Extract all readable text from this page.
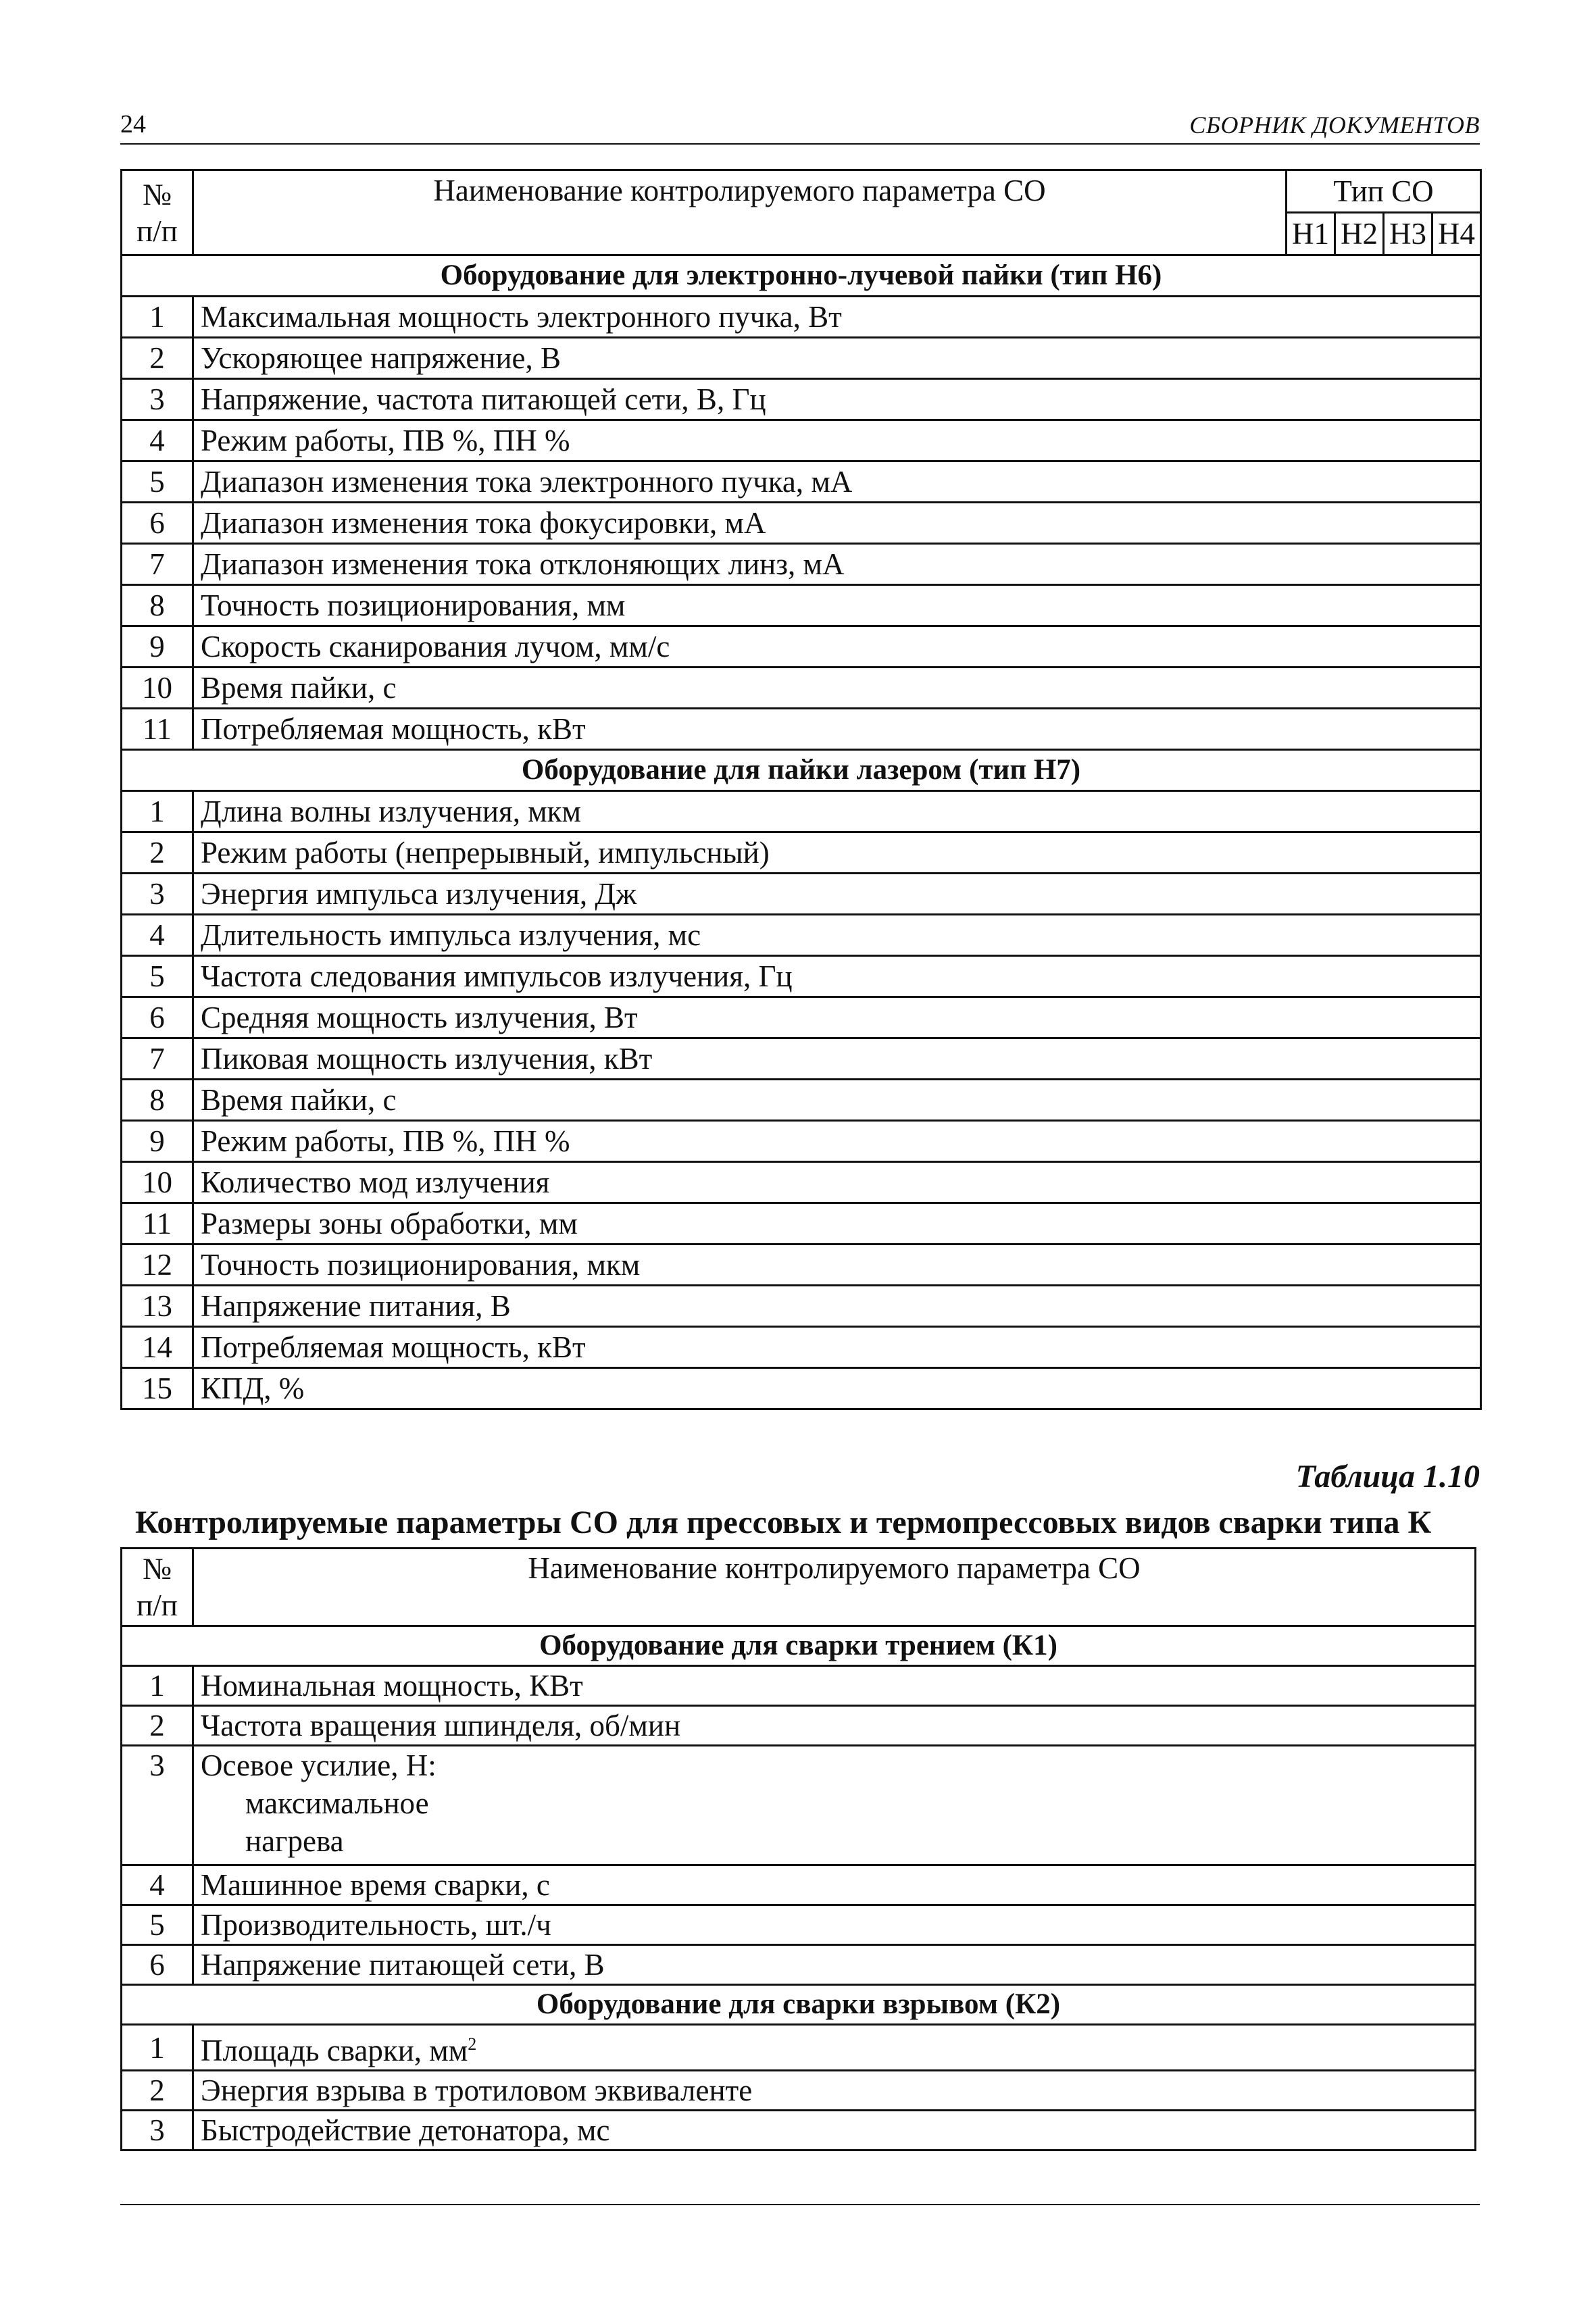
24	СБОРНИК ДОКУМЕНТОВ
№
п/п	Наименование контролируемого параметра СО	Тип СО			
		Н1	Н2	Н3	Н4
Оборудование для электронно-лучевой пайки (тип Н6)					
1	Максимальная мощность электронного пучка, Вт				
2	Ускоряющее напряжение, В				
3	Напряжение, частота питающей сети, В, Гц				
4	Режим работы, ПВ %, ПН %				
5	Диапазон изменения тока электронного пучка, мА				
6	Диапазон изменения тока фокусировки, мА				
7	Диапазон изменения тока отклоняющих линз, мА				
8	Точность позиционирования, мм				
9	Скорость сканирования лучом, мм/с				
10	Время пайки, с				
11	Потребляемая мощность, кВт				
Оборудование для пайки лазером (тип Н7)					
1	Длина волны излучения, мкм				
2	Режим работы (непрерывный, импульсный)				
3	Энергия импульса излучения, Дж				
4	Длительность импульса излучения, мс				
5	Частота следования импульсов излучения, Гц				
6	Средняя мощность излучения, Вт				
7	Пиковая мощность излучения, кВт				
8	Время пайки, с				
9	Режим работы, ПВ %, ПН %				
10	Количество мод излучения				
11	Размеры зоны обработки, мм				
12	Точность позиционирования, мкм				
13	Напряжение питания, В				
14	Потребляемая мощность, кВт				
15	КПД, %				
Таблица 1.10
Контролируемые параметры СО для прессовых и термопрессовых видов сварки типа К
№
п/п	Наименование контролируемого параметра СО
Оборудование для сварки трением (К1)	
1	Номинальная мощность, КВт
2	Частота вращения шпинделя, об/мин
3	Осевое усилие, Н:
максимальное
нагрева

4	Машинное время сварки, с
5	Производительность, шт./ч
6	Напряжение питающей сети, В
Оборудование для сварки взрывом (К2)	
1	Площадь сварки, $мм^2$
2	Энергия взрыва в тротиловом эквиваленте
3	Быстродействие детонатора, мс
